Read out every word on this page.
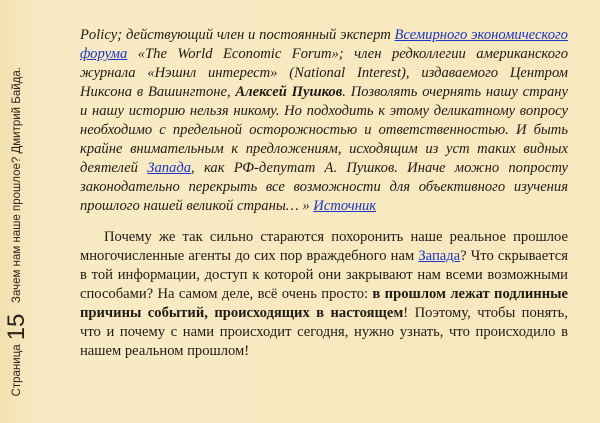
Зачем нам наше прошлое? Дмитрий Байда.
Страница15

Policy; действующий член и постоянный эксперт Всемирного экономического форума «The World Economic Forum»; член редколлегии американского журнала «Нэшнл интерест» (National Interest), издаваемого Центром Никсона в Вашингтоне, Алексей Пушков. Позволять очернять нашу страну и нашу историю нельзя никому. Но подходить к этому деликатному вопросу необходимо с предельной осторожностью и ответственностью. И быть крайне внимательным к предложениям, исходящим из уст таких видных деятелей Запада, как РФ-депутат А. Пушков. Иначе можно попросту законодательно перекрыть все возможности для объективного изучения прошлого нашей великой страны… » Источник

Почему же так сильно стараются похоронить наше реальное прошлое многочисленные агенты до сих пор враждебного нам Запада? Что скрывается в той информации, доступ к которой они закрывают нам всеми возможными способами? На самом деле, всё очень просто: в прошлом лежат подлинные причины событий, происходящих в настоящем! Поэтому, чтобы понять, что и почему с нами происходит сегодня, нужно узнать, что происходило в нашем реальном прошлом!
